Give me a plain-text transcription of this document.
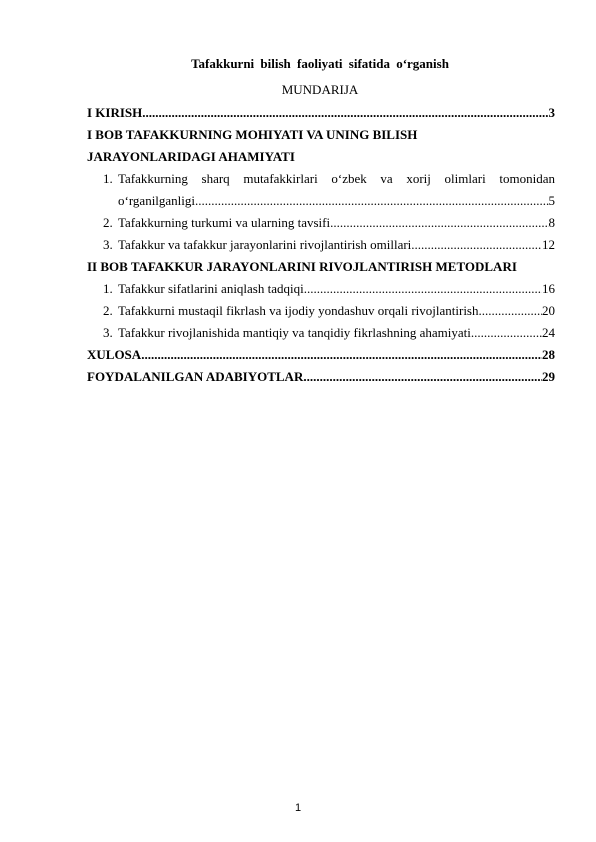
Tafakkurni bilish faoliyati sifatida o‘rganish
MUNDARIJA
I KIRISH .....	3
I BOB TAFAKKURNING MOHIYATI VA UNING BILISH
JARAYONLARIDAGI AHAMIYATI
1. Tafakkurning sharq mutafakkirlari o‘zbek va xorij olimlari tomonidan
o‘rganilganligi .....	5
2. Tafakkurning turkumi va ularning tavsifi .....	8
3. Tafakkur va tafakkur jarayonlarini rivojlantirish omillari .....	12
II BOB TAFAKKUR JARAYONLARINI RIVOJLANTIRISH METODLARI
1. Tafakkur sifatlarini aniqlash tadqiqi .....	16
2. Tafakkurni mustaqil fikrlash va ijodiy yondashuv orqali rivojlantirish .....	20
3. Tafakkur rivojlanishida mantiqiy va tanqidiy fikrlashning ahamiyati .....	24
XULOSA .....	28
FOYDALANILGAN ADABIYOTLAR .....	29
1
